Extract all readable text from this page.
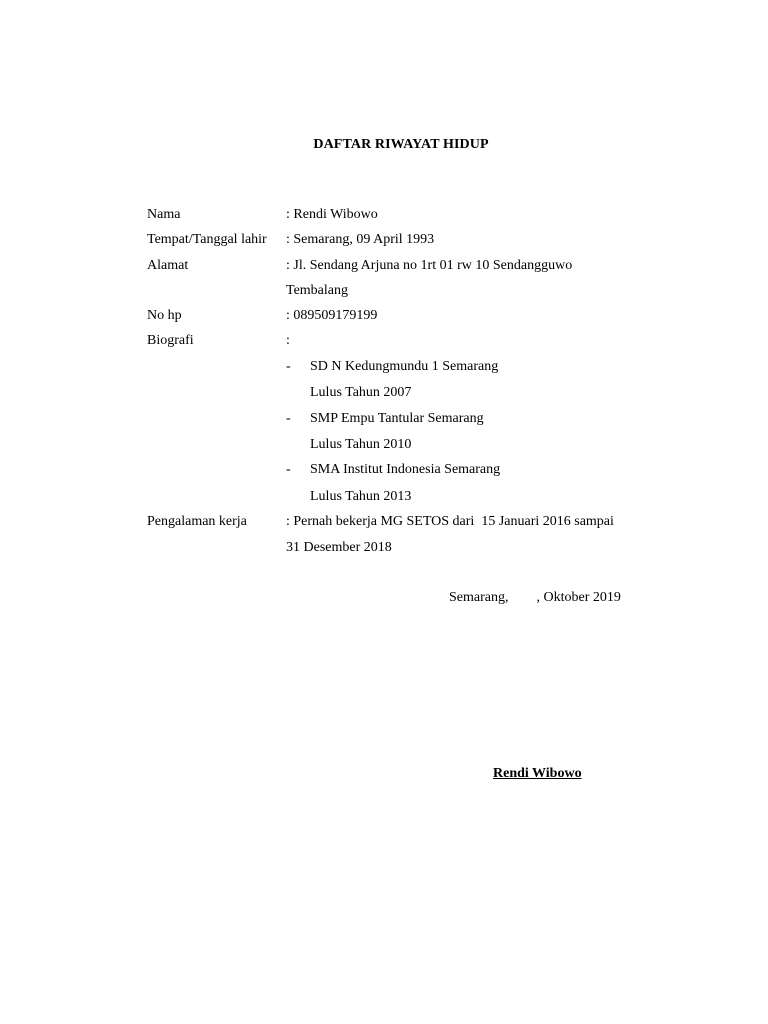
DAFTAR RIWAYAT HIDUP
Nama	: Rendi Wibowo
Tempat/Tanggal lahir : Semarang, 09 April 1993
Alamat	: Jl. Sendang Arjuna no 1rt 01 rw 10 Sendangguwo
Tembalang
No hp	: 089509179199
Biografi	:
- SD N Kedungmundu 1 Semarang
Lulus Tahun 2007
- SMP Empu Tantular Semarang
Lulus Tahun 2010
- SMA Institut Indonesia Semarang
Lulus Tahun 2013
Pengalaman kerja	: Pernah bekerja MG SETOS dari  15 Januari 2016 sampai
31 Desember 2018
Semarang,        , Oktober 2019
Rendi Wibowo
